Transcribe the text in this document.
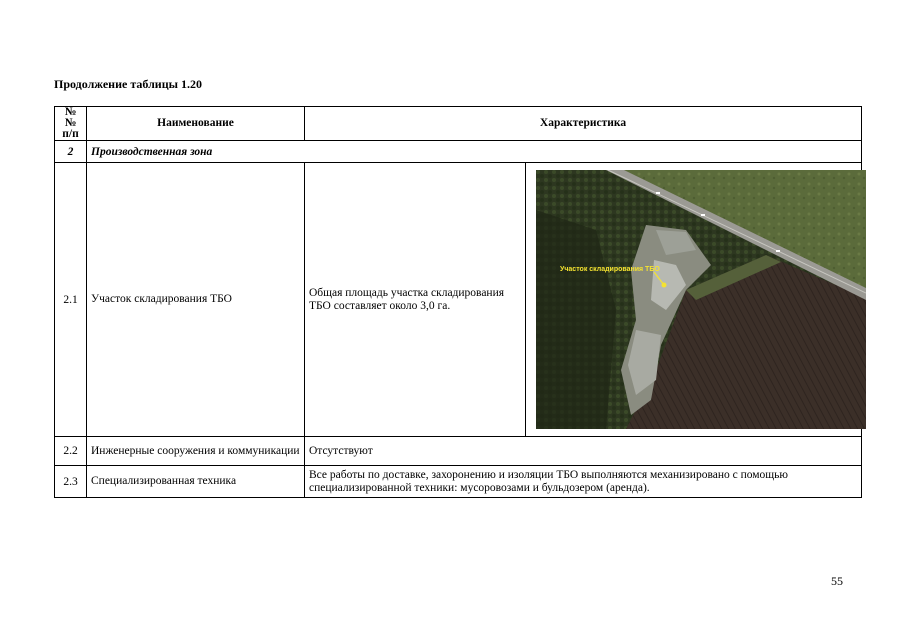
Продолжение таблицы 1.20
№№ п/п	Наименование	Характеристика	
2	Производственная зона		
2.1	Участок складирования ТБО	Общая площадь участка складирования ТБО составляет около 3,0 га.	Участок складирования ТБО

2.2	Инженерные сооружения и коммуникации	Отсутствуют	
2.3	Специализированная техника	Все работы по доставке, захоронению и изоляции ТБО выполняются механизировано с помощью специализированной техники: мусоровозами и бульдозером (аренда).	
55
